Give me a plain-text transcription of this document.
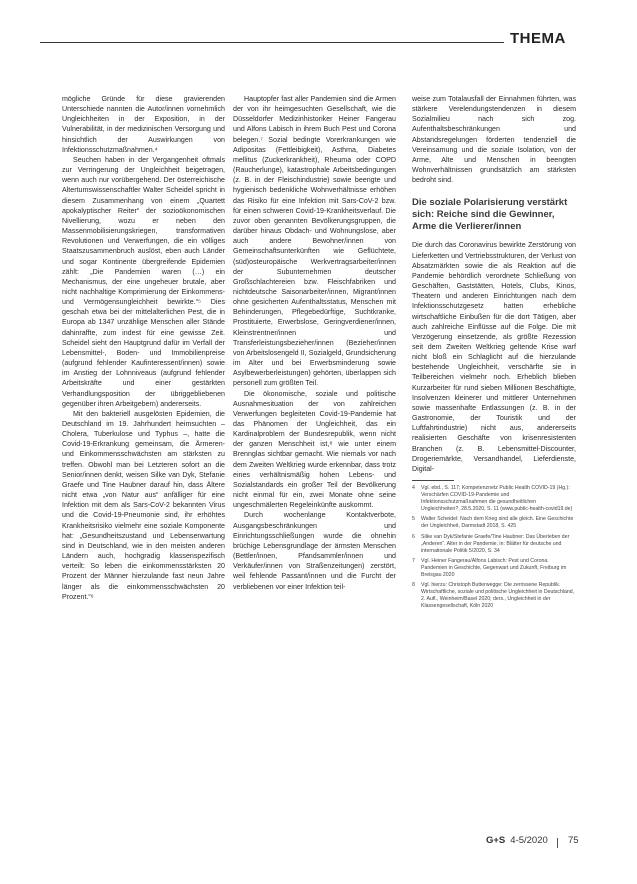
THEMA

mögliche Gründe für diese gravierenden Unterschiede nannten die Autor/innen vornehmlich Ungleichheiten in der Exposition, in der Vulnerabilität, in der medizinischen Versorgung und hinsichtlich der Auswirkungen von Infektionsschutzmaßnahmen.⁴

Seuchen haben in der Vergangenheit oftmals zur Verringerung der Ungleichheit beigetragen, wenn auch nur vorübergehend. Der österreichische Altertumswissenschaftler Walter Scheidel spricht in diesem Zusammenhang von einem „Quartett apokalyptischer Reiter“ der sozioökonomischen Nivellierung, wozu er neben den Massenmobilisierungskriegen, transformativen Revolutionen und Verwerfungen, die ein völliges Staatszusammenbruch auslöst, eben auch Länder und sogar Kontinente übergreifende Epidemien zählt: „Die Pandemien waren (…) ein Mechanismus, der eine ungeheuer brutale, aber nicht nachhaltige Komprimierung der Einkommens- und Vermögensungleichheit bewirkte.“⁵ Dies geschah etwa bei der mittelalterlichen Pest, die in Europa ab 1347 unzählige Menschen aller Stände dahinraffte, zum indest für eine gewisse Zeit. Scheidel sieht den Hauptgrund dafür im Verfall der Lebensmittel-, Boden- und Immobilienpreise (aufgrund fehlender Kaufinteressent/innen) sowie im Anstieg der Lohnniveaus (aufgrund fehlender Arbeitskräfte und einer gestärkten Verhandlungsposition der übriggebliebenen gegenüber ihren Arbeitgebern) andererseits.

Mit den bakteriell ausgelösten Epidemien, die Deutschland im 19. Jahrhundert heimsuchten – Cholera, Tuberkulose und Typhus –, hatte die Covid-19-Erkrankung gemeinsam, die Ärmeren- und Einkommensschwächsten am stärksten zu treffen. Obwohl man bei Letzteren sofort an die Senior/innen denkt, weisen Silke van Dyk, Stefanie Graefe und Tine Haubner darauf hin, dass Ältere nicht etwa „von Natur aus“ anfälliger für eine Infektion mit dem als Sars-CoV-2 bekannten Virus und die Covid-19-Pneumonie sind, ihr erhöhtes Krankheitsrisiko vielmehr eine soziale Komponente hat: „Gesundheitszustand und Lebenserwartung sind in Deutschland, wie in den meisten anderen Ländern auch, hochgradig klassenspezifisch verteilt: So leben die einkommensstärksten 20 Prozent der Männer hierzulande fast neun Jahre länger als die einkommensschwächsten 20 Prozent.“⁶

Hauptopfer fast aller Pandemien sind die Armen der von ihr heimgesuchten Gesellschaft, wie die Düsseldorfer Medizinhistoriker Heiner Fangerau und Alfons Labisch in ihrem Buch Pest und Corona belegen.⁷ Sozial bedingte Vorerkrankungen wie Adipositas (Fettleibigkeit), Asthma, Diabetes mellitus (Zuckerkrankheit), Rheuma oder COPD (Raucherlunge), katastrophale Arbeitsbedingungen (z. B. in der Fleischindustrie) sowie beengte und hygienisch bedenkliche Wohnverhältnisse erhöhen das Risiko für eine Infektion mit Sars-CoV-2 bzw. für einen schweren Covid-19-Krankheitsverlauf. Die zuvor oben genannten Bevölkerungsgruppen, die darüber hinaus Obdach- und Wohnungslose, aber auch andere Bewohner/innen von Gemeinschaftsunterkünften wie Geflüchtete, (süd)osteuropäische Werkvertragsarbeiter/innen der Subunternehmen deutscher Großschlachtereien bzw. Fleischfabriken und nichtdeutsche Saisonarbeiter/innen, Migrant/innen ohne gesicherten Aufenthaltsstatus, Menschen mit Behinderungen, Pflegebedürftige, Suchtkranke, Prostituierte, Erwerbslose, Geringverdiener/innen, Kleinstrentner/innen und Transferleistungsbezieher/innen (Bezieher/innen von Arbeitslosengeld II, Sozialgeld, Grundsicherung im Alter und bei Erwerbsminderung sowie Asylbewerberleistungen) gehörten, überlappen sich personell zum größten Teil.

Die ökonomische, soziale und politische Ausnahmesituation der von zahlreichen Verwerfungen begleiteten Covid-19-Pandemie hat das Phänomen der Ungleichheit, das ein Kardinalproblem der Bundesrepublik, wenn nicht der ganzen Menschheit ist,⁸ wie unter einem Brennglas sichtbar gemacht. Wie niemals vor nach dem Zweiten Weltkrieg wurde erkennbar, dass trotz eines verhältnismäßig hohen Lebens- und Sozialstandards ein großer Teil der Bevölkerung nicht einmal für ein, zwei Monate ohne seine ungeschmälerten Regeleinkünfte auskommt.

Durch wochenlange Kontaktverbote, Ausgangsbeschränkungen und Einrichtungsschließungen wurde die ohnehin brüchige Lebensgrundlage der ärmsten Menschen (Bettler/innen, Pfandsammler/innen und Verkäufer/innen von Straßenzeitungen) zerstört, weil fehlende Passant/innen und die Furcht der verbliebenen vor einer Infektion teil-

weise zum Totalausfall der Einnahmen führten, was stärkere Verelendungstendenzen in diesem Sozialmilieu nach sich zog. Aufenthaltsbeschränkungen und Abstandsregelungen förderten tendenziell die Vereinsamung und die soziale Isolation, von der Arme, Alte und Menschen in beengten Wohnverhältnissen grundsätzlich am stärksten bedroht sind.

Die soziale Polarisierung verstärkt sich: Reiche sind die Gewinner, Arme die Verlierer/innen

Die durch das Coronavirus bewirkte Zerstörung von Lieferketten und Vertriebsstrukturen, der Verlust von Absatzmärkten sowie die als Reaktion auf die Pandemie behördlich verordnete Schließung von Geschäften, Gaststätten, Hotels, Clubs, Kinos, Theatern und anderen Einrichtungen nach dem Infektionsschutzgesetz hatten erhebliche wirtschaftliche Einbußen für die dort Tätigen, aber auch zahlreiche Einflüsse auf die Folge. Die mit Verzögerung einsetzende, als größte Rezession seit dem Zweiten Weltkrieg geltende Krise warf nicht bloß ein Schlaglicht auf die hierzulande bestehende Ungleichheit, verschärfte sie in Teilbereichen vielmehr noch. Erheblich blieben Kurzarbeiter für rund sieben Millionen Beschäftigte, Insolvenzen kleinerer und mittlerer Unternehmen sowie massenhafte Entlassungen (z. B. in der Gastronomie, der Touristik und der Luftfahrtindustrie) nicht aus, andererseits realisierten Geschäfte von krisenresistenten Branchen (z. B. Lebensmittel-Discounter, Drogeriemärkte, Versandhandel, Lieferdienste, Digital-

4	Vgl. ebd., S. 117; Kompetenznetz Public Health COVID-19 (Hg.): Verschärfen COVID-19-Pandemie und Infektionsschutzmaßnahmen die gesundheitlichen Ungleichheiten?, 28.5.2020, S. 11 (www.public-health-covid19.de)
5	Walter Scheidel: Nach dem Krieg sind alle gleich. Eine Geschichte der Ungleichheit, Darmstadt 2018, S. 425
6	Silke van Dyk/Stefanie Graefe/Tine Haubner: Das Überleben der „Anderen“. Alter in der Pandemie, in: Blätter für deutsche und internationale Politik 5/2020, S. 34
7	Vgl. Heiner Fangerau/Alfons Labisch: Pest und Corona. Pandemien in Geschichte, Gegenwart und Zukunft, Freiburg im Breisgau 2020
8	Vgl. hierzu: Christoph Butterwegge: Die zerrissene Republik. Wirtschaftliche, soziale und politische Ungleichheit in Deutschland, 2. Aufl., Weinheim/Basel 2020; ders., Ungleichheit in der Klassengesellschaft, Köln 2020
G+S 4-5/2020 75
